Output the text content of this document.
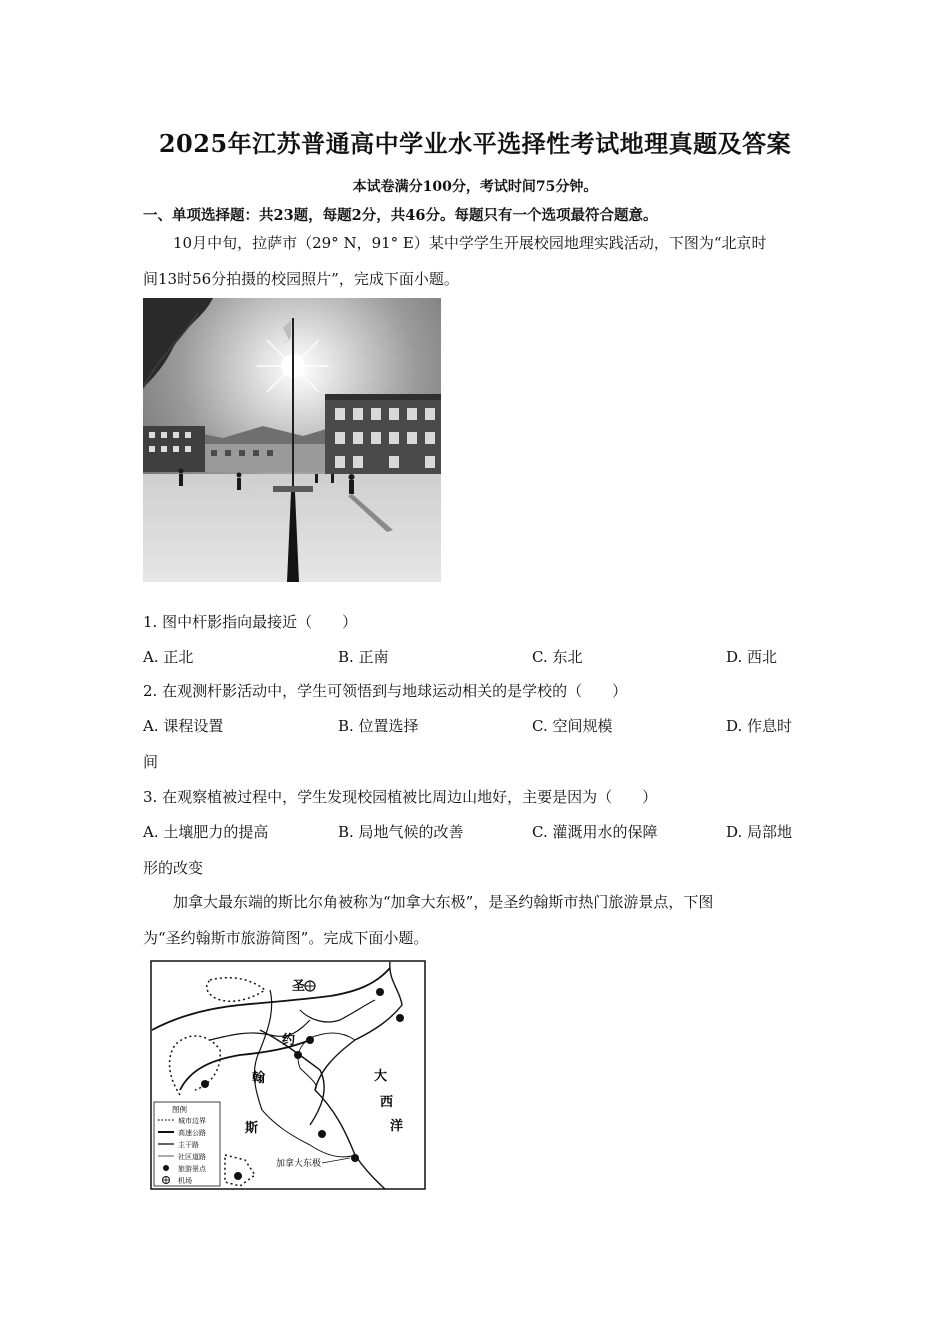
2025年江苏普通高中学业水平选择性考试地理真题及答案
本试卷满分100分，考试时间75分钟。
一、单项选择题：共23题，每题2分，共46分。每题只有一个选项最符合题意。
10月中旬，拉萨市（29° N，91° E）某中学学生开展校园地理实践活动，下图为“北京时
间13时56分拍摄的校园照片”，完成下面小题。
1. 图中杆影指向最接近（　　）
A. 正北	B. 正南	C. 东北	D. 西北
2. 在观测杆影活动中，学生可领悟到与地球运动相关的是学校的（　　）
A. 课程设置	B. 位置选择	C. 空间规模	D. 作息时
间
3. 在观察植被过程中，学生发现校园植被比周边山地好，主要是因为（　　）
A. 土壤肥力的提高	B. 局地气候的改善	C. 灌溉用水的保障	D. 局部地
形的改变
加拿大最东端的斯比尔角被称为“加拿大东极”，是圣约翰斯市热门旅游景点，下图
为“圣约翰斯市旅游简图”。完成下面小题。
圣
约
翰
斯
大
西
洋
加拿大东极
图例
城市边界
高速公路
主干路
社区道路
旅游景点
机场
